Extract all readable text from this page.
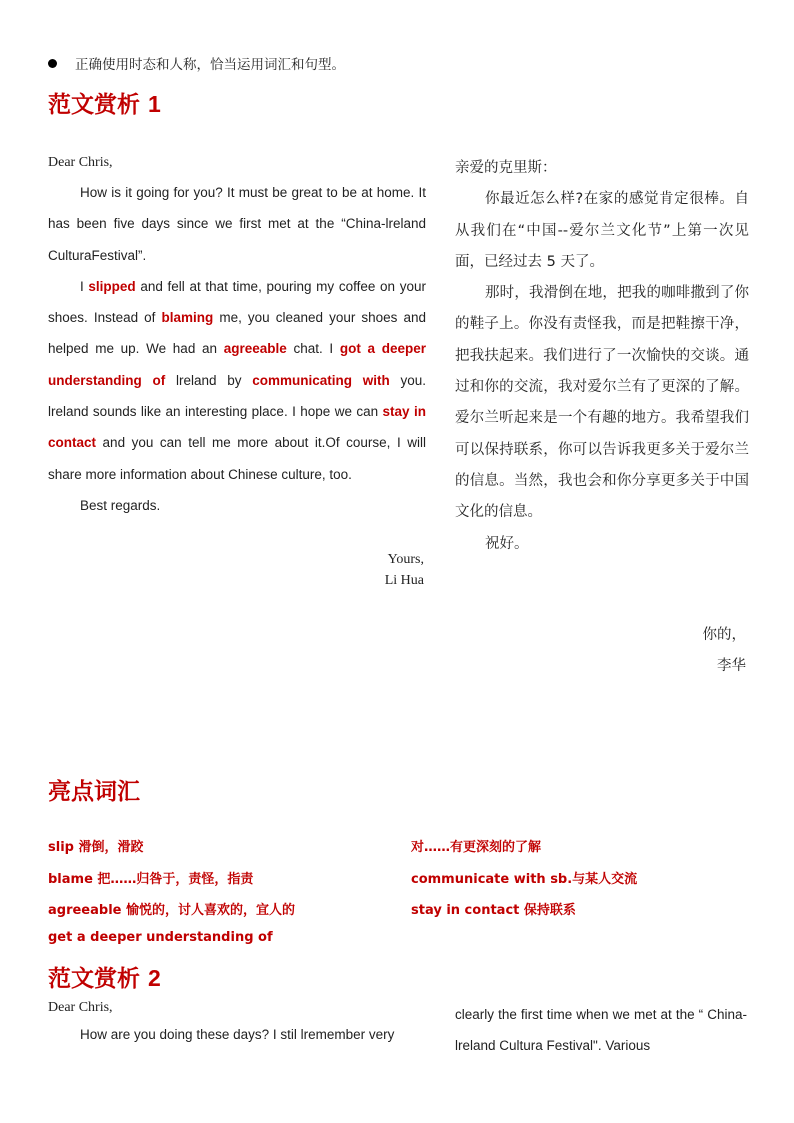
正确使用时态和人称，恰当运用词汇和句型。
范文赏析 1
Dear Chris,

How is it going for you? It must be great to be at home. It has been five days since we first met at the “China-lreland CulturaFestival”.

I slipped and fell at that time, pouring my coffee on your shoes. Instead of blaming me, you cleaned your shoes and helped me up. We had an agreeable chat. I got a deeper understanding of lreland by communicating with you. lreland sounds like an interesting place. I hope we can stay in contact and you can tell me more about it.Of course, I will share more information about Chinese culture, too.

Best regards.

Yours,
Li Hua
亲爱的克里斯：

你最近怎么样?在家的感觉肯定很棒。自从我们在“中国--爱尔兰文化节”上第一次见面，已经过去 5 天了。

那时，我滑倒在地，把我的咖啡撒到了你的鞋子上。你没有责怪我，而是把鞋擦干净，把我扶起来。我们进行了一次愉快的交谈。通过和你的交流，我对爱尔兰有了更深的了解。爱尔兰听起来是一个有趣的地方。我希望我们可以保持联系，你可以告诉我更多关于爱尔兰的信息。当然，我也会和你分享更多关于中国文化的信息。

祝好。

你的，
李华
亮点词汇
slip 滑倒，滑跤
blame 把……归咎于，责怪，指责
agreeable 愉悦的，讨人喜欢的，宜人的
get a deeper understanding of
对……有更深刻的了解
communicate with sb.与某人交流
stay in contact 保持联系
范文赏析 2
Dear Chris,

How are you doing these days? I stil lremember very

clearly the first time when we met at the “ China-lreland Cultura Festival". Various
